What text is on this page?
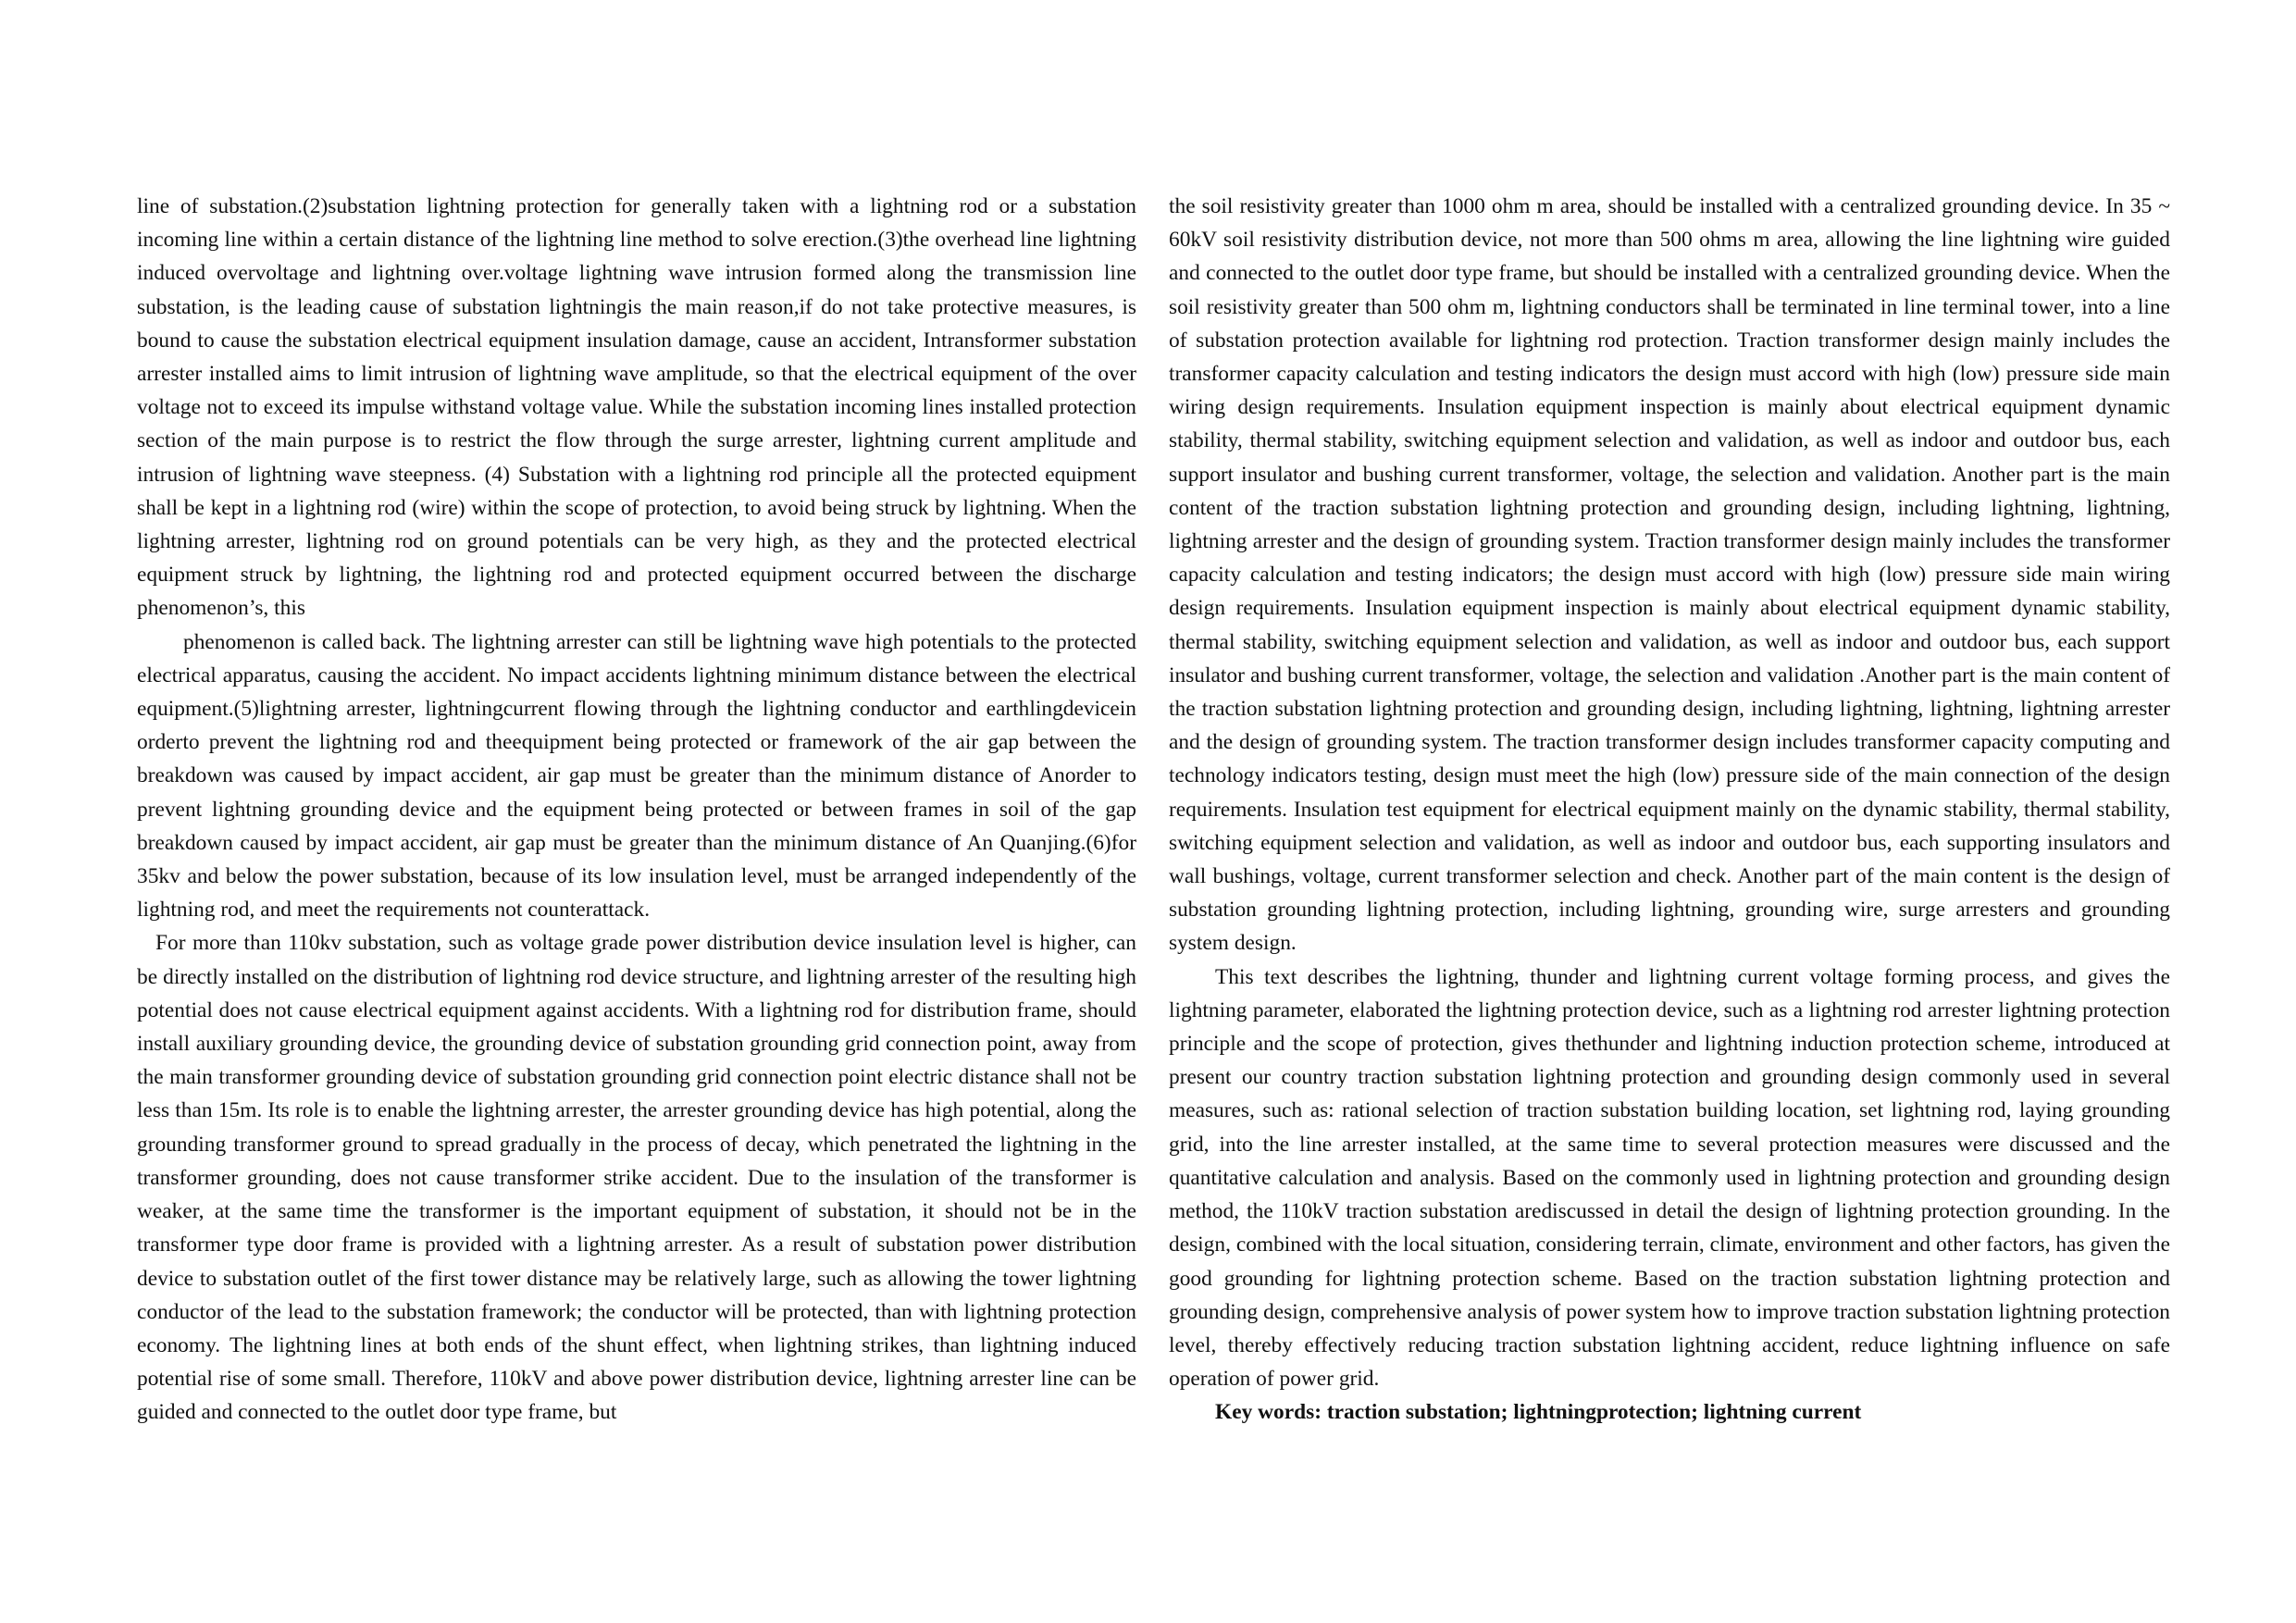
line of substation.(2)substation lightning protection for generally taken with a lightning rod or a substation incoming line within a certain distance of the lightning line method to solve erection.(3)the overhead line lightning induced overvoltage and lightning over.voltage lightning wave intrusion formed along the transmission line substation, is the leading cause of substation lightningis the main reason,if do not take protective measures, is bound to cause the substation electrical equipment insulation damage, cause an accident, Intransformer substation arrester installed aims to limit intrusion of lightning wave amplitude, so that the electrical equipment of the over voltage not to exceed its impulse withstand voltage value. While the substation incoming lines installed protection section of the main purpose is to restrict the flow through the surge arrester, lightning current amplitude and intrusion of lightning wave steepness. (4) Substation with a lightning rod principle all the protected equipment shall be kept in a lightning rod (wire) within the scope of protection, to avoid being struck by lightning. When the lightning arrester, lightning rod on ground potentials can be very high, as they and the protected electrical equipment struck by lightning, the lightning rod and protected equipment occurred between the discharge phenomenon’s, this

phenomenon is called back. The lightning arrester can still be lightning wave high potentials to the protected electrical apparatus, causing the accident. No impact accidents lightning minimum distance between the electrical equipment.(5)lightning arrester, lightningcurrent flowing through the lightning conductor and earthlingdevicein orderto prevent the lightning rod and theequipment being protected or framework of the air gap between the breakdown was caused by impact accident, air gap must be greater than the minimum distance of Anorder to prevent lightning grounding device and the equipment being protected or between frames in soil of the gap breakdown caused by impact accident, air gap must be greater than the minimum distance of An Quanjing.(6)for 35kv and below the power substation, because of its low insulation level, must be arranged independently of the lightning rod, and meet the requirements not counterattack.

For more than 110kv substation, such as voltage grade power distribution device insulation level is higher, can be directly installed on the distribution of lightning rod device structure, and lightning arrester of the resulting high potential does not cause electrical equipment against accidents. With a lightning rod for distribution frame, should install auxiliary grounding device, the grounding device of substation grounding grid connection point, away from the main transformer grounding device of substation grounding grid connection point electric distance shall not be less than 15m. Its role is to enable the lightning arrester, the arrester grounding device has high potential, along the grounding transformer ground to spread gradually in the process of decay, which penetrated the lightning in the transformer grounding, does not cause transformer strike accident. Due to the insulation of the transformer is weaker, at the same time the transformer is the important equipment of substation, it should not be in the transformer type door frame is provided with a lightning arrester. As a result of substation power distribution device to substation outlet of the first tower distance may be relatively large, such as allowing the tower lightning conductor of the lead to the substation framework; the conductor will be protected, than with lightning protection economy. The lightning lines at both ends of the shunt effect, when lightning strikes, than lightning induced potential rise of some small. Therefore, 110kV and above power distribution device, lightning arrester line can be guided and connected to the outlet door type frame, but

the soil resistivity greater than 1000 ohm m area, should be installed with a centralized grounding device. In 35 ~ 60kV soil resistivity distribution device, not more than 500 ohms m area, allowing the line lightning wire guided and connected to the outlet door type frame, but should be installed with a centralized grounding device. When the soil resistivity greater than 500 ohm m, lightning conductors shall be terminated in line terminal tower, into a line of substation protection available for lightning rod protection. Traction transformer design mainly includes the transformer capacity calculation and testing indicators the design must accord with high (low) pressure side main wiring design requirements. Insulation equipment inspection is mainly about electrical equipment dynamic stability, thermal stability, switching equipment selection and validation, as well as indoor and outdoor bus, each support insulator and bushing current transformer, voltage, the selection and validation. Another part is the main content of the traction substation lightning protection and grounding design, including lightning, lightning, lightning arrester and the design of grounding system. Traction transformer design mainly includes the transformer capacity calculation and testing indicators; the design must accord with high (low) pressure side main wiring design requirements. Insulation equipment inspection is mainly about electrical equipment dynamic stability, thermal stability, switching equipment selection and validation, as well as indoor and outdoor bus, each support insulator and bushing current transformer, voltage, the selection and validation .Another part is the main content of the traction substation lightning protection and grounding design, including lightning, lightning, lightning arrester and the design of grounding system. The traction transformer design includes transformer capacity computing and technology indicators testing, design must meet the high (low) pressure side of the main connection of the design requirements. Insulation test equipment for electrical equipment mainly on the dynamic stability, thermal stability, switching equipment selection and validation, as well as indoor and outdoor bus, each supporting insulators and wall bushings, voltage, current transformer selection and check. Another part of the main content is the design of substation grounding lightning protection, including lightning, grounding wire, surge arresters and grounding system design.

This text describes the lightning, thunder and lightning current voltage forming process, and gives the lightning parameter, elaborated the lightning protection device, such as a lightning rod arrester lightning protection principle and the scope of protection, gives thethunder and lightning induction protection scheme, introduced at present our country traction substation lightning protection and grounding design commonly used in several measures, such as: rational selection of traction substation building location, set lightning rod, laying grounding grid, into the line arrester installed, at the same time to several protection measures were discussed and the quantitative calculation and analysis. Based on the commonly used in lightning protection and grounding design method, the 110kV traction substation arediscussed in detail the design of lightning protection grounding. In the design, combined with the local situation, considering terrain, climate, environment and other factors, has given the good grounding for lightning protection scheme. Based on the traction substation lightning protection and grounding design, comprehensive analysis of power system how to improve traction substation lightning protection level, thereby effectively reducing traction substation lightning accident, reduce lightning influence on safe operation of power grid.

Key words: traction substation; lightningprotection; lightning current
